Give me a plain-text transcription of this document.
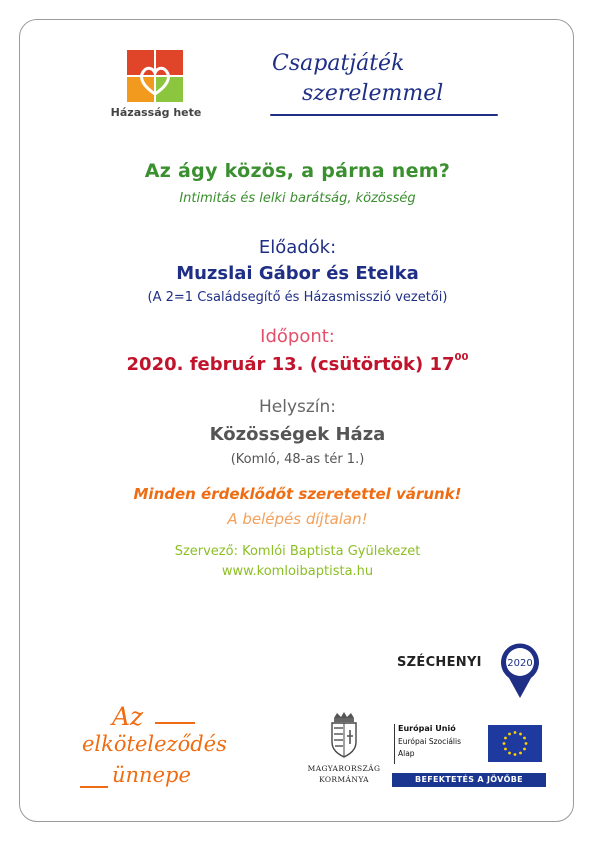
Házasság hete
Csapatjáték
szerelemmel
Az ágy közös, a párna nem?
Intimitás és lelki barátság, közösség
Előadók:
Muzslai Gábor és Etelka
(A 2=1 Családsegítő és Házasmisszió vezetői)
Időpont:
2020. február 13. (csütörtök) $17^{00}$
Helyszín:
Közösségek Háza
(Komló, 48-as tér 1.)
Minden érdeklődőt szeretettel várunk!
A belépés díjtalan!
Szervező: Komlói Baptista Gyülekezet
www.komloibaptista.hu
Az
elköteleződés
ünnepe
SZÉCHENYI	2020
MAGYARORSZÁG
KORMÁNYA
Európai Unió
Európai Szociális
Alap
BEFEKTETÉS A JÖVŐBE
